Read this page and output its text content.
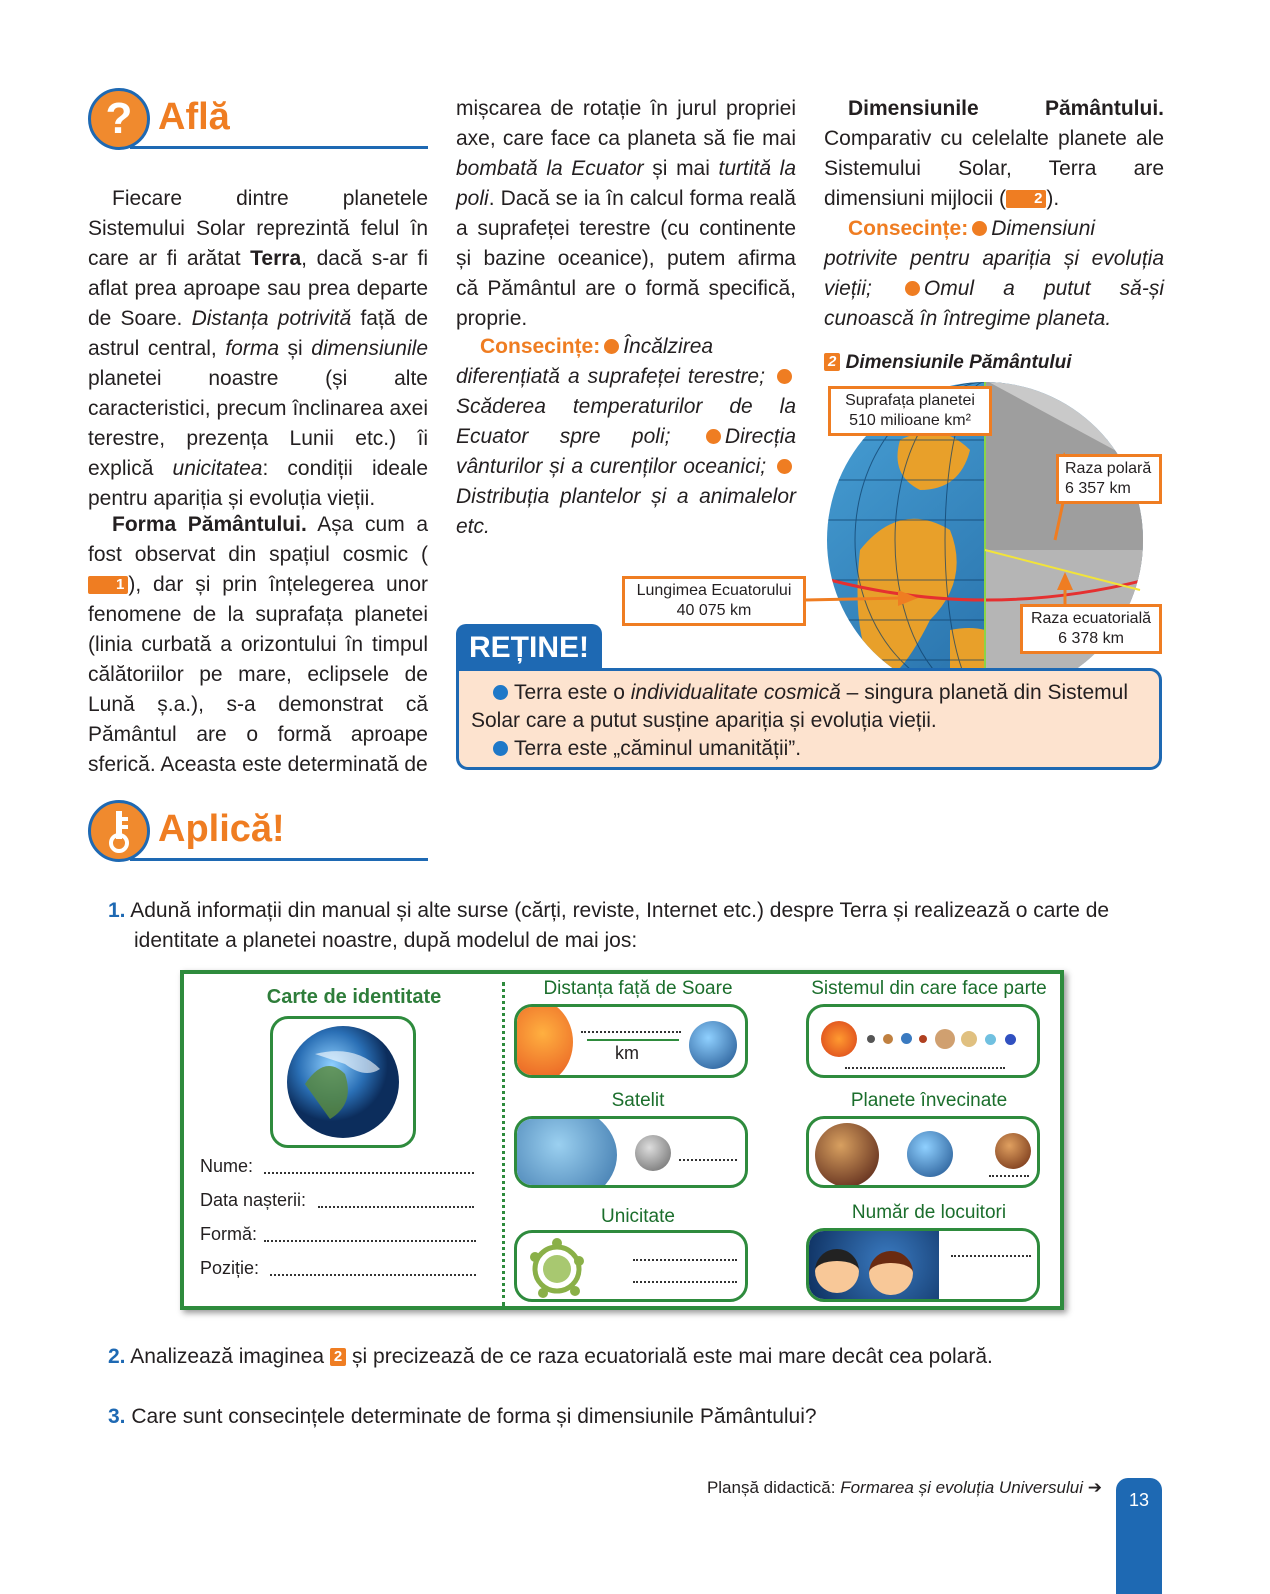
? Află
Fiecare dintre planetele Sistemului Solar reprezintă felul în care ar fi arătat Terra, dacă s-ar fi aflat prea aproape sau prea departe de Soare. Distanța potrivită față de astrul central, forma și dimensiunile planetei noastre (și alte caracteristici, precum înclinarea axei terestre, prezența Lunii etc.) îi explică unicitatea: condiții ideale pentru apariția și evoluția vieții.
Forma Pământului. Așa cum a fost observat din spațiul cosmic (1 ), dar și prin înțelegerea unor fenomene de la suprafața planetei (linia curbată a orizontului în timpul călătoriilor pe mare, eclipsele de Lună ș.a.), s-a demonstrat că Pământul are o formă aproape sferică. Aceasta este determinată de
mișcarea de rotație în jurul propriei axe, care face ca planeta să fie mai bombată la Ecuator și mai turtită la poli. Dacă se ia în calcul forma reală a suprafeței terestre (cu continente și bazine oceanice), putem afirma că Pământul are o formă specifică, proprie.
Consecințe: Încălzirea diferențiată a suprafeței terestre; Scăderea temperaturilor de la Ecuator spre poli;	Direcția vânturilor și a curenților oceanici; Distribuția plantelor și a animalelor etc.
Dimensiunile Pământului. Comparativ cu celelalte planete ale Sistemului Solar, Terra are dimensiuni mijlocii ( 2 ).
Consecințe: Dimensiuni potrivite pentru apariția și evoluția vieții; Omul a putut să-și cunoască în întregime planeta.
2 Dimensiunile Pământului
Suprafața planetei
510 milioane km²
Raza polară
6 357 km
Lungimea Ecuatorului
40 075 km	Raza ecuatorială
6 378 km
REȚINE!
Terra este o individualitate cosmică – singura planetă din Sistemul Solar care a putut susține apariția și evoluția vieții.
Terra este „căminul umanității”.
Aplică!
1. Adună informații din manual și alte surse (cărți, reviste, Internet etc.) despre Terra și realizează o carte de identitate a planetei noastre, după modelul de mai jos:
Carte de identitate
Nume:
Data nașterii:
Formă:
Poziție:
Distanța față de Soare
km
Sistemul din care face parte
Satelit	Planete învecinate
Unicitate	Număr de locuitori
2. Analizează imaginea 2 și precizează de ce raza ecuatorială este mai mare decât cea polară.
3. Care sunt consecințele determinate de forma și dimensiunile Pământului?
Planșă didactică: Formarea și evoluția Universului ➔
13
